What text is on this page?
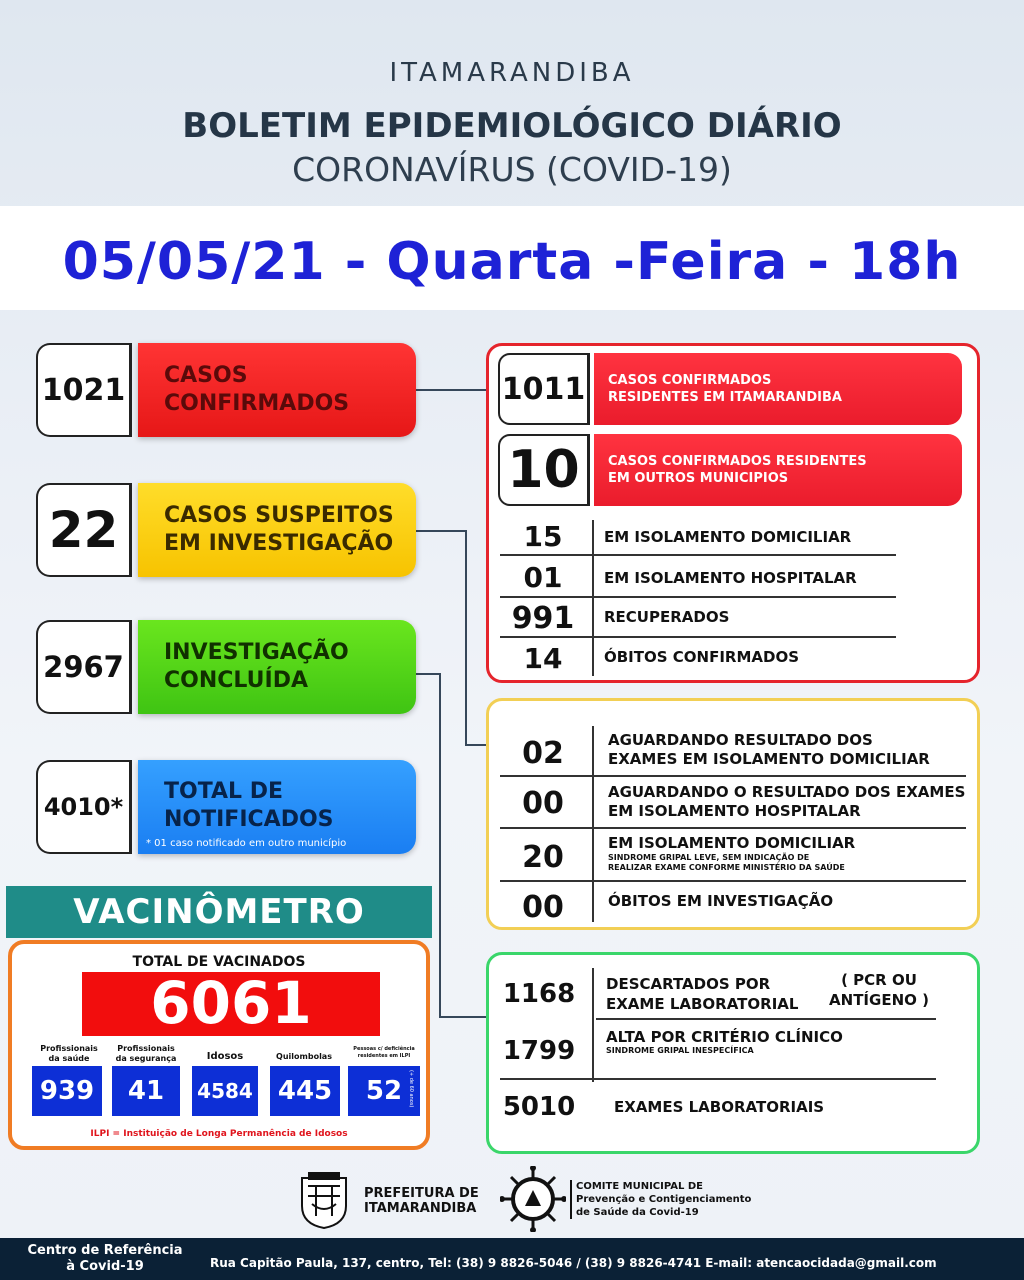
ITAMARANDIBA
BOLETIM EPIDEMIOLÓGICO DIÁRIO
CORONAVÍRUS (COVID-19)
05/05/21 - Quarta -Feira - 18h
1021	CASOS
CONFIRMADOS
22	CASOS SUSPEITOS
EM INVESTIGAÇÃO
2967	INVESTIGAÇÃO
CONCLUÍDA
4010*
TOTAL DE
NOTIFICADOS
* 01 caso notificado em outro município
1011	CASOS CONFIRMADOS
RESIDENTES EM ITAMARANDIBA
10	CASOS CONFIRMADOS RESIDENTES
EM OUTROS MUNICIPIOS
15	EM ISOLAMENTO DOMICILIAR
01	EM ISOLAMENTO HOSPITALAR
991	RECUPERADOS
14	ÓBITOS CONFIRMADOS
02	AGUARDANDO RESULTADO DOS
EXAMES EM ISOLAMENTO DOMICILIAR
00	AGUARDANDO O RESULTADO DOS EXAMES
EM ISOLAMENTO HOSPITALAR
20	EM ISOLAMENTO DOMICILIAR
SINDROME GRIPAL LEVE, SEM INDICAÇÃO DE
REALIZAR EXAME CONFORME MINISTÉRIO DA SAÚDE
00	ÓBITOS EM INVESTIGAÇÃO
1168	DESCARTADOS POR
EXAME LABORATORIAL
( PCR OU
ANTÍGENO )
1799	ALTA POR CRITÉRIO CLÍNICO
SINDROME GRIPAL INESPECÍFICA
5010	EXAMES LABORATORIAIS
VACINÔMETRO
TOTAL DE VACINADOS
6061
Profissionais
da saúde
939
Profissionais
da segurança
41
Idosos
4584
Quilombolas
445
Pessoas c/ deficiência
residentes em ILPI
52	(+ de 60 anos)
ILPI = Instituição de Longa Permanência de Idosos
PREFEITURA DE
ITAMARANDIBA
COMITE MUNICIPAL DE
Prevenção e Contigenciamento
de Saúde da Covid-19
Centro de Referência
à Covid-19	Rua Capitão Paula, 137, centro, Tel: (38) 9 8826-5046 / (38) 9 8826-4741 E-mail: atencaocidada@gmail.com
